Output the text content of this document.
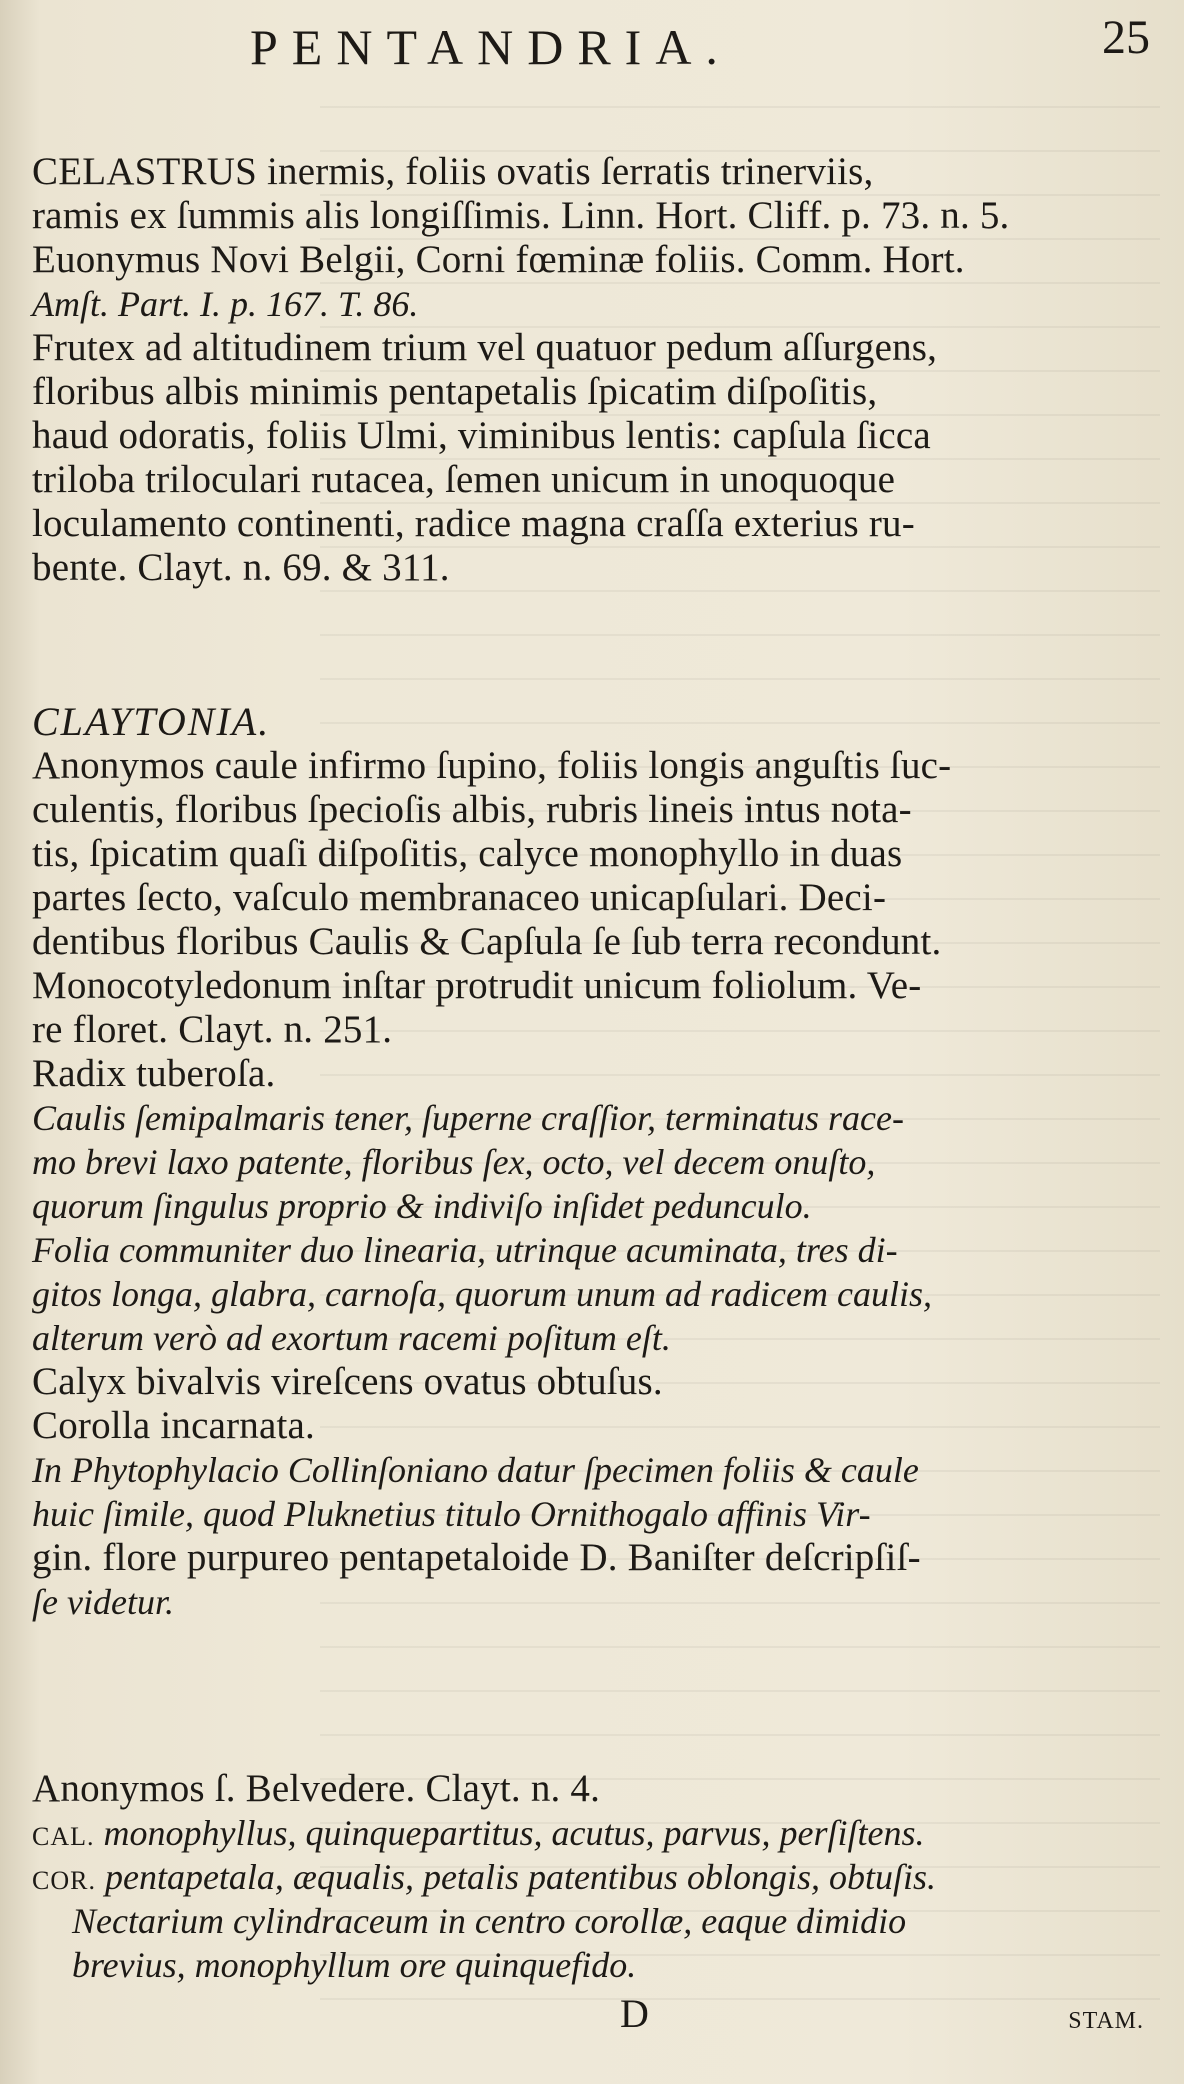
PENTANDRIA.	25
CELASTRUS inermis, foliis ovatis ſerratis trinerviis,
ramis ex ſummis alis longiſſimis. Linn. Hort. Cliff. p. 73. n. 5.
Euonymus Novi Belgii, Corni fœminæ foliis. Comm. Hort.
Amſt. Part. I. p. 167. T. 86.
Frutex ad altitudinem trium vel quatuor pedum aſſurgens,
floribus albis minimis pentapetalis ſpicatim diſpoſitis,
haud odoratis, foliis Ulmi, viminibus lentis: capſula ſicca
triloba triloculari rutacea, ſemen unicum in unoquoque
loculamento continenti, radice magna craſſa exterius ru-
bente. Clayt. n. 69. & 311.
CLAYTONIA.
Anonymos caule infirmo ſupino, foliis longis anguſtis ſuc-
culentis, floribus ſpecioſis albis, rubris lineis intus nota-
tis, ſpicatim quaſi diſpoſitis, calyce monophyllo in duas
partes ſecto, vaſculo membranaceo unicapſulari. Deci-
dentibus floribus Caulis & Capſula ſe ſub terra recondunt.
Monocotyledonum inſtar protrudit unicum foliolum. Ve-
re floret. Clayt. n. 251.
Radix tuberoſa.
Caulis ſemipalmaris tener, ſuperne craſſior, terminatus race-
mo brevi laxo patente, floribus ſex, octo, vel decem onuſto,
quorum ſingulus proprio & indiviſo inſidet pedunculo.
Folia communiter duo linearia, utrinque acuminata, tres di-
gitos longa, glabra, carnoſa, quorum unum ad radicem caulis,
alterum verò ad exortum racemi poſitum eſt.
Calyx bivalvis vireſcens ovatus obtuſus.
Corolla incarnata.
In Phytophylacio Collinſoniano datur ſpecimen foliis & caule
huic ſimile, quod Pluknetius titulo Ornithogalo affinis Vir-
gin. flore purpureo pentapetaloide D. Baniſter deſcripſiſ-
ſe videtur.
Anonymos ſ. Belvedere. Clayt. n. 4.
CAL. monophyllus, quinquepartitus, acutus, parvus, perſiſtens.
COR. pentapetala, æqualis, petalis patentibus oblongis, obtuſis.
Nectarium cylindraceum in centro corollæ, eaque dimidio
brevius, monophyllum ore quinquefido.
D	STAM.
